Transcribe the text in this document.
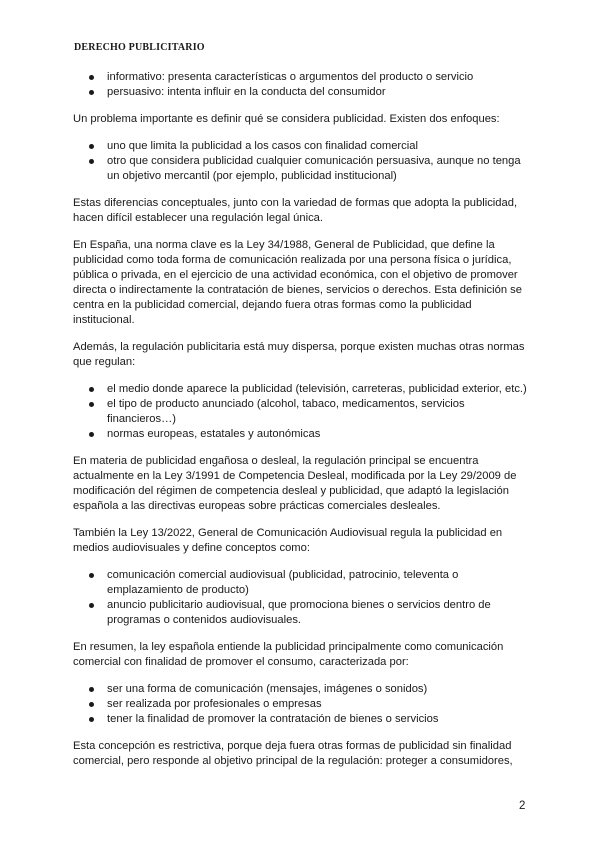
DERECHO PUBLICITARIO
informativo: presenta características o argumentos del producto o servicio
persuasivo: intenta influir en la conducta del consumidor

Un problema importante es definir qué se considera publicidad. Existen dos enfoques:

uno que limita la publicidad a los casos con finalidad comercial
otro que considera publicidad cualquier comunicación persuasiva, aunque no tenga un objetivo mercantil (por ejemplo, publicidad institucional)

Estas diferencias conceptuales, junto con la variedad de formas que adopta la publicidad, hacen difícil establecer una regulación legal única.

En España, una norma clave es la Ley 34/1988, General de Publicidad, que define la publicidad como toda forma de comunicación realizada por una persona física o jurídica, pública o privada, en el ejercicio de una actividad económica, con el objetivo de promover directa o indirectamente la contratación de bienes, servicios o derechos. Esta definición se centra en la publicidad comercial, dejando fuera otras formas como la publicidad institucional.

Además, la regulación publicitaria está muy dispersa, porque existen muchas otras normas que regulan:

el medio donde aparece la publicidad (televisión, carreteras, publicidad exterior, etc.)
el tipo de producto anunciado (alcohol, tabaco, medicamentos, servicios financieros…)
normas europeas, estatales y autonómicas

En materia de publicidad engañosa o desleal, la regulación principal se encuentra actualmente en la Ley 3/1991 de Competencia Desleal, modificada por la Ley 29/2009 de modificación del régimen de competencia desleal y publicidad, que adaptó la legislación española a las directivas europeas sobre prácticas comerciales desleales.

También la Ley 13/2022, General de Comunicación Audiovisual regula la publicidad en medios audiovisuales y define conceptos como:

comunicación comercial audiovisual (publicidad, patrocinio, televenta o emplazamiento de producto)
anuncio publicitario audiovisual, que promociona bienes o servicios dentro de programas o contenidos audiovisuales.

En resumen, la ley española entiende la publicidad principalmente como comunicación comercial con finalidad de promover el consumo, caracterizada por:

ser una forma de comunicación (mensajes, imágenes o sonidos)
ser realizada por profesionales o empresas
tener la finalidad de promover la contratación de bienes o servicios

Esta concepción es restrictiva, porque deja fuera otras formas de publicidad sin finalidad comercial, pero responde al objetivo principal de la regulación: proteger a consumidores,

2
